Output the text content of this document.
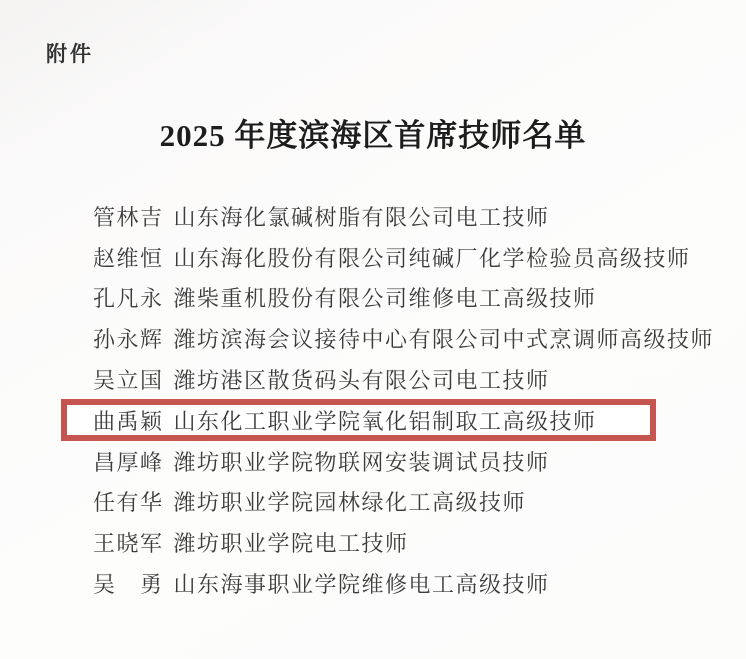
附件
2025 年度滨海区首席技师名单
管林吉 山东海化氯碱树脂有限公司电工技师
赵维恒 山东海化股份有限公司纯碱厂化学检验员高级技师
孔凡永 潍柴重机股份有限公司维修电工高级技师
孙永辉 潍坊滨海会议接待中心有限公司中式烹调师高级技师
吴立国 潍坊港区散货码头有限公司电工技师
曲禹颖 山东化工职业学院氧化铝制取工高级技师
昌厚峰 潍坊职业学院物联网安装调试员技师
任有华 潍坊职业学院园林绿化工高级技师
王晓军 潍坊职业学院电工技师
吴　勇 山东海事职业学院维修电工高级技师
